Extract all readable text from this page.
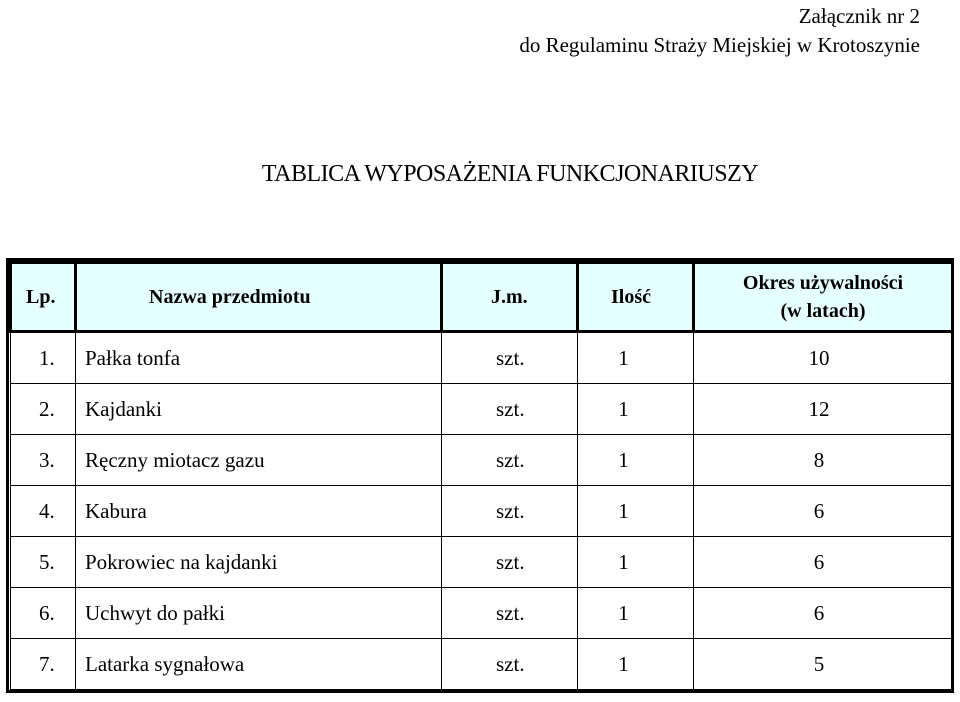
Załącznik nr 2
do Regulaminu Straży Miejskiej w Krotoszynie
TABLICA WYPOSAŻENIA FUNKCJONARIUSZY
Lp.	Nazwa przedmiotu	J.m.	Ilość	Okres używalności
(w latach)

1.	Pałka tonfa	szt.	1	10
2.	Kajdanki	szt.	1	12
3.	Ręczny miotacz gazu	szt.	1	8
4.	Kabura	szt.	1	6
5.	Pokrowiec na kajdanki	szt.	1	6
6.	Uchwyt do pałki	szt.	1	6
7.	Latarka sygnałowa	szt.	1	5
